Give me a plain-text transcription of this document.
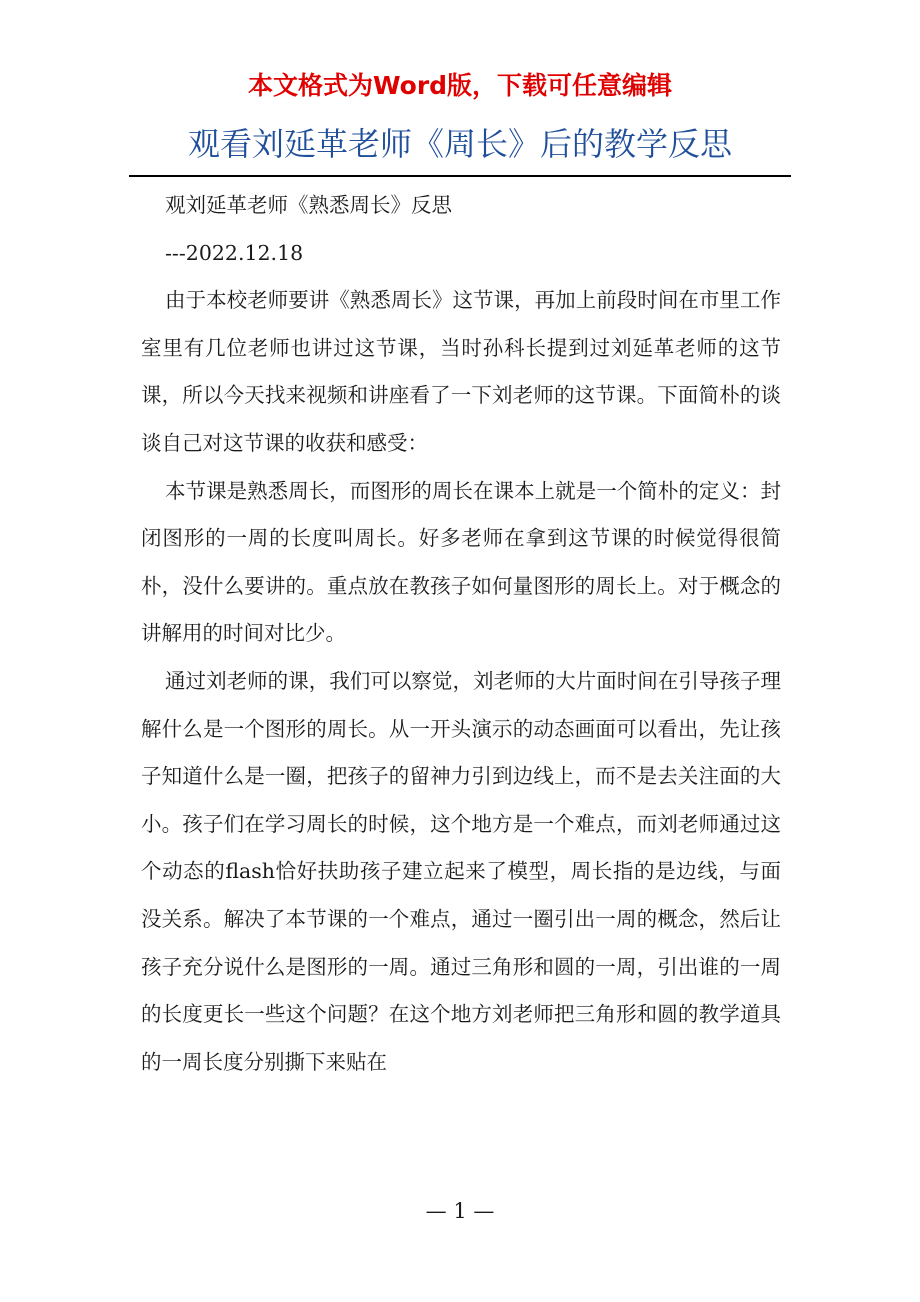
本文格式为Word版，下载可任意编辑
观看刘延革老师《周长》后的教学反思

观刘延革老师《熟悉周长》反思

---2022.12.18

由于本校老师要讲《熟悉周长》这节课，再加上前段时间在市里工作室里有几位老师也讲过这节课，当时孙科长提到过刘延革老师的这节课，所以今天找来视频和讲座看了一下刘老师的这节课。下面简朴的谈谈自己对这节课的收获和感受：

本节课是熟悉周长，而图形的周长在课本上就是一个简朴的定义：封闭图形的一周的长度叫周长。好多老师在拿到这节课的时候觉得很简朴，没什么要讲的。重点放在教孩子如何量图形的周长上。对于概念的讲解用的时间对比少。

通过刘老师的课，我们可以察觉，刘老师的大片面时间在引导孩子理解什么是一个图形的周长。从一开头演示的动态画面可以看出，先让孩子知道什么是一圈，把孩子的留神力引到边线上，而不是去关注面的大小。孩子们在学习周长的时候，这个地方是一个难点，而刘老师通过这个动态的flash恰好扶助孩子建立起来了模型，周长指的是边线，与面没关系。解决了本节课的一个难点，通过一圈引出一周的概念，然后让孩子充分说什么是图形的一周。通过三角形和圆的一周，引出谁的一周的长度更长一些这个问题？在这个地方刘老师把三角形和圆的教学道具的一周长度分别撕下来贴在

— 1 —
